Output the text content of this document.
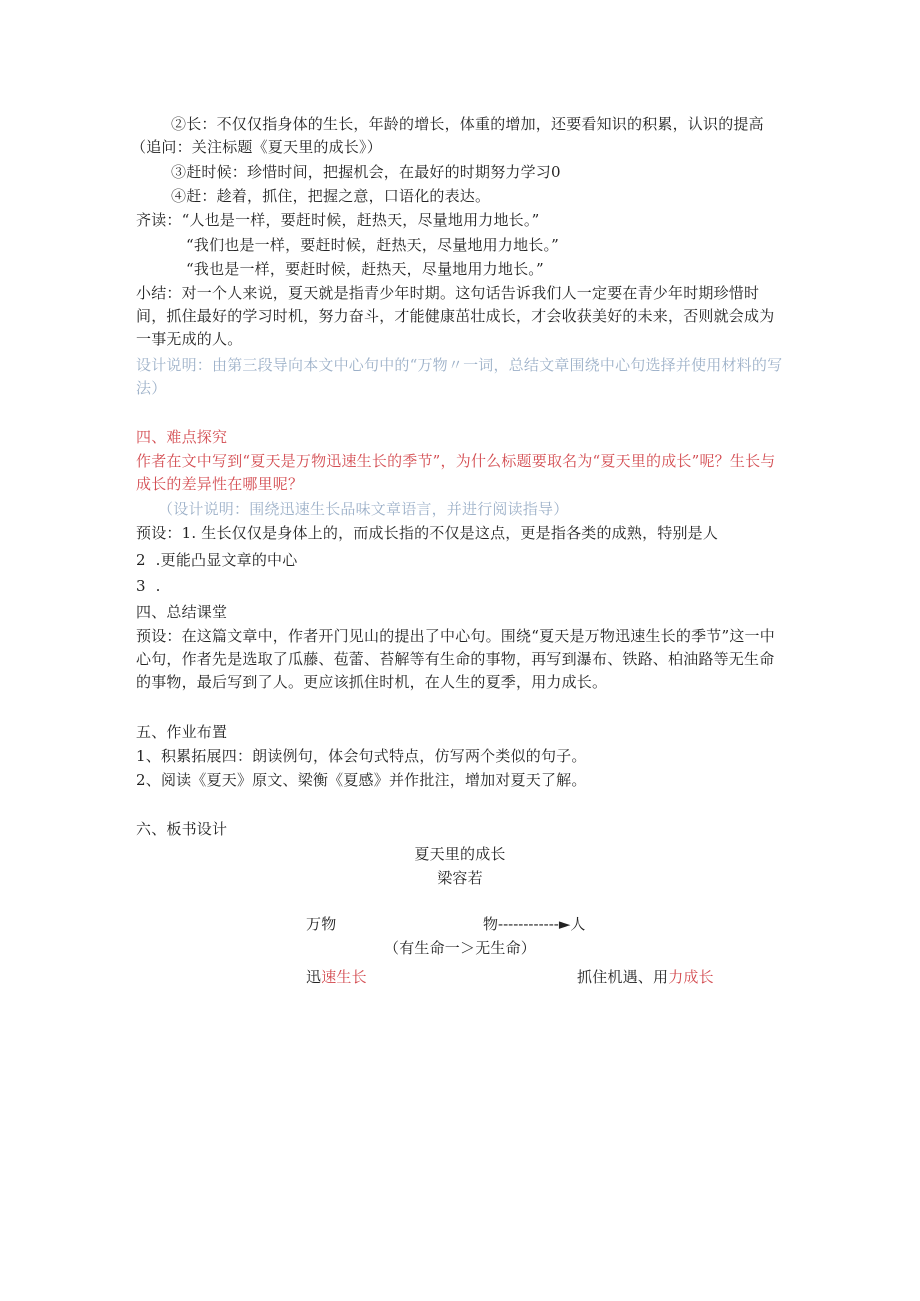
②长：不仅仅指身体的生长，年龄的增长，体重的增加，还要看知识的积累，认识的提高
（追问：关注标题《夏天里的成长》）
③赶时候：珍惜时间，把握机会，在最好的时期努力学习0
④赶：趁着，抓住，把握之意，口语化的表达。
齐读：“人也是一样，要赶时候，赶热天，尽量地用力地长。”
“我们也是一样，要赶时候，赶热天，尽量地用力地长。”
“我也是一样，要赶时候，赶热天，尽量地用力地长。”
小结：对一个人来说，夏天就是指青少年时期。这句话告诉我们人一定要在青少年时期珍惜时间，抓住最好的学习时机，努力奋斗，才能健康茁壮成长，才会收获美好的未来，否则就会成为一事无成的人。
设计说明：由第三段导向本文中心句中的“万物〃一词，总结文章围绕中心句选择并使用材料的写法）
四、难点探究
作者在文中写到“夏天是万物迅速生长的季节”，为什么标题要取名为“夏天里的成长”呢？生长与成长的差异性在哪里呢？
（设计说明：围绕迅速生长品味文章语言，并进行阅读指导）
预设：1. 生长仅仅是身体上的，而成长指的不仅是这点，更是指各类的成熟，特别是人
2  .更能凸显文章的中心
3  .
四、总结课堂
预设：在这篇文章中，作者开门见山的提出了中心句。围绕“夏天是万物迅速生长的季节”这一中心句，作者先是选取了瓜藤、苞蕾、苔解等有生命的事物，再写到瀑布、铁路、柏油路等无生命的事物，最后写到了人。更应该抓住时机，在人生的夏季，用力成长。
五、作业布置
1、积累拓展四：朗读例句，体会句式特点，仿写两个类似的句子。
2、阅读《夏天》原文、梁衡《夏感》并作批注，增加对夏天了解。
六、板书设计
夏天里的成长
梁容若
万物	物------------►人
（有生命一＞无生命）
迅速生长	抓住机遇、用力成长
